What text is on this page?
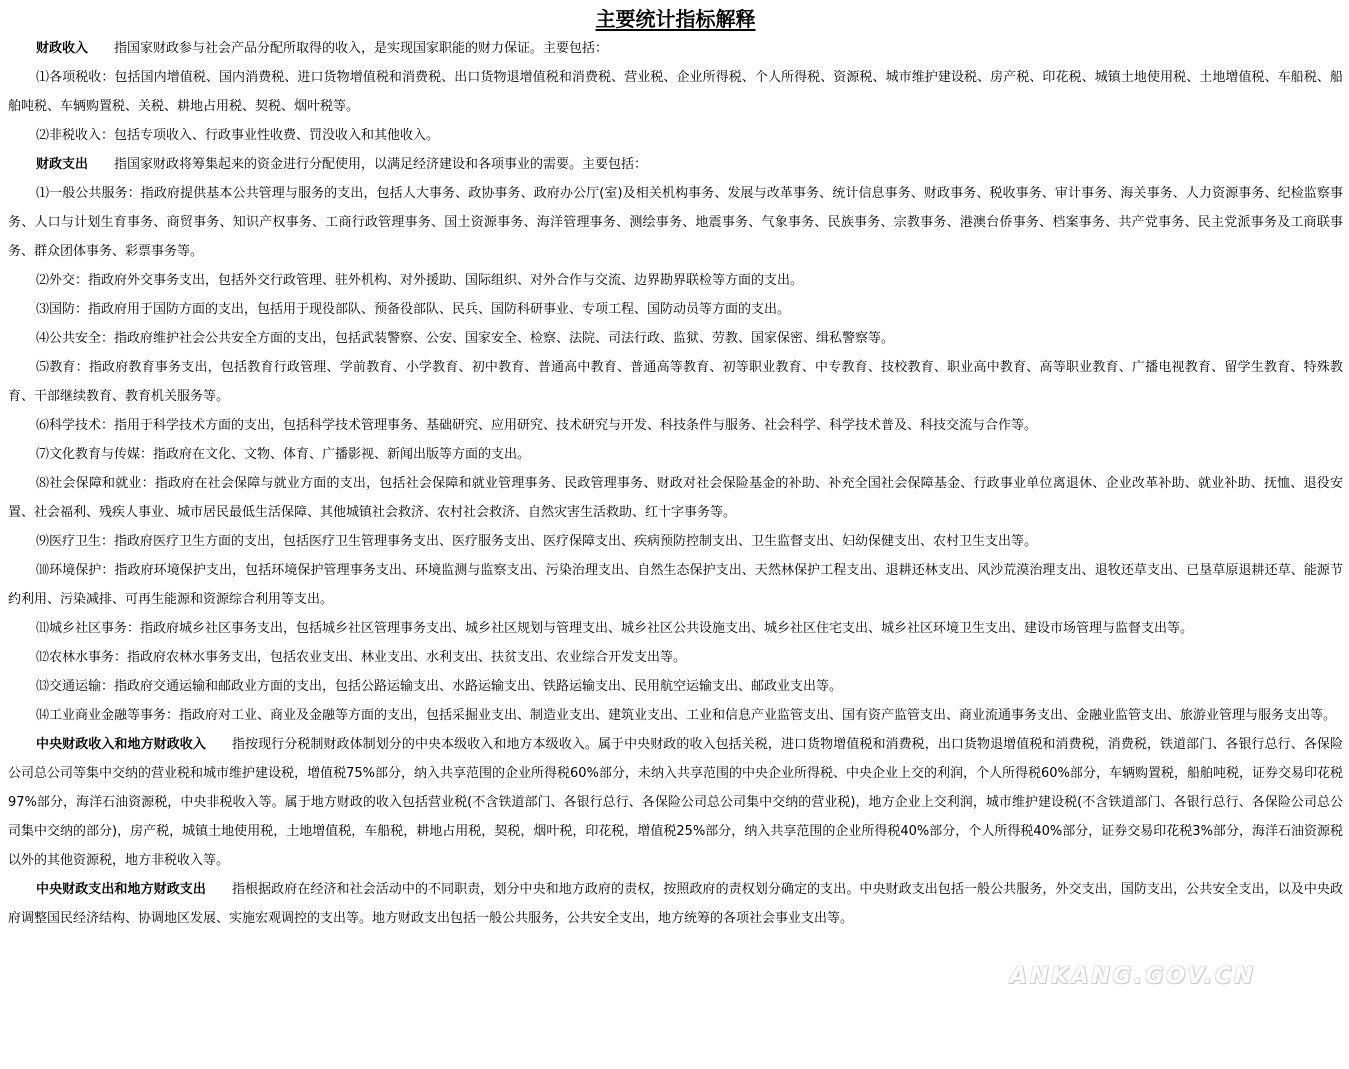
主要统计指标解释

财政收入 指国家财政参与社会产品分配所取得的收入，是实现国家职能的财力保证。主要包括：

⑴各项税收：包括国内增值税、国内消费税、进口货物增值税和消费税、出口货物退增值税和消费税、营业税、企业所得税、个人所得税、资源税、城市维护建设税、房产税、印花税、城镇土地使用税、土地增值税、车船税、船舶吨税、车辆购置税、关税、耕地占用税、契税、烟叶税等。

⑵非税收入：包括专项收入、行政事业性收费、罚没收入和其他收入。

财政支出 指国家财政将筹集起来的资金进行分配使用，以满足经济建设和各项事业的需要。主要包括：

⑴一般公共服务：指政府提供基本公共管理与服务的支出，包括人大事务、政协事务、政府办公厅(室)及相关机构事务、发展与改革事务、统计信息事务、财政事务、税收事务、审计事务、海关事务、人力资源事务、纪检监察事务、人口与计划生育事务、商贸事务、知识产权事务、工商行政管理事务、国土资源事务、海洋管理事务、测绘事务、地震事务、气象事务、民族事务、宗教事务、港澳台侨事务、档案事务、共产党事务、民主党派事务及工商联事务、群众团体事务、彩票事务等。

⑵外交：指政府外交事务支出，包括外交行政管理、驻外机构、对外援助、国际组织、对外合作与交流、边界勘界联检等方面的支出。

⑶国防：指政府用于国防方面的支出，包括用于现役部队、预备役部队、民兵、国防科研事业、专项工程、国防动员等方面的支出。

⑷公共安全：指政府维护社会公共安全方面的支出，包括武装警察、公安、国家安全、检察、法院、司法行政、监狱、劳教、国家保密、缉私警察等。

⑸教育：指政府教育事务支出，包括教育行政管理、学前教育、小学教育、初中教育、普通高中教育、普通高等教育、初等职业教育、中专教育、技校教育、职业高中教育、高等职业教育、广播电视教育、留学生教育、特殊教育、干部继续教育、教育机关服务等。

⑹科学技术：指用于科学技术方面的支出，包括科学技术管理事务、基础研究、应用研究、技术研究与开发、科技条件与服务、社会科学、科学技术普及、科技交流与合作等。

⑺文化教育与传媒：指政府在文化、文物、体育、广播影视、新闻出版等方面的支出。

⑻社会保障和就业：指政府在社会保障与就业方面的支出，包括社会保障和就业管理事务、民政管理事务、财政对社会保险基金的补助、补充全国社会保障基金、行政事业单位离退休、企业改革补助、就业补助、抚恤、退役安置、社会福利、残疾人事业、城市居民最低生活保障、其他城镇社会救济、农村社会救济、自然灾害生活救助、红十字事务等。

⑼医疗卫生：指政府医疗卫生方面的支出，包括医疗卫生管理事务支出、医疗服务支出、医疗保障支出、疾病预防控制支出、卫生监督支出、妇幼保健支出、农村卫生支出等。

⑽环境保护：指政府环境保护支出，包括环境保护管理事务支出、环境监测与监察支出、污染治理支出、自然生态保护支出、天然林保护工程支出、退耕还林支出、风沙荒漠治理支出、退牧还草支出、已垦草原退耕还草、能源节约利用、污染减排、可再生能源和资源综合利用等支出。

⑾城乡社区事务：指政府城乡社区事务支出，包括城乡社区管理事务支出、城乡社区规划与管理支出、城乡社区公共设施支出、城乡社区住宅支出、城乡社区环境卫生支出、建设市场管理与监督支出等。

⑿农林水事务：指政府农林水事务支出，包括农业支出、林业支出、水利支出、扶贫支出、农业综合开发支出等。

⒀交通运输：指政府交通运输和邮政业方面的支出，包括公路运输支出、水路运输支出、铁路运输支出、民用航空运输支出、邮政业支出等。

⒁工业商业金融等事务：指政府对工业、商业及金融等方面的支出，包括采掘业支出、制造业支出、建筑业支出、工业和信息产业监管支出、国有资产监管支出、商业流通事务支出、金融业监管支出、旅游业管理与服务支出等。

中央财政收入和地方财政收入 指按现行分税制财政体制划分的中央本级收入和地方本级收入。属于中央财政的收入包括关税，进口货物增值税和消费税，出口货物退增值税和消费税，消费税，铁道部门、各银行总行、各保险公司总公司等集中交纳的营业税和城市维护建设税，增值税75%部分，纳入共享范围的企业所得税60%部分，未纳入共享范围的中央企业所得税、中央企业上交的利润，个人所得税60%部分，车辆购置税，船舶吨税，证券交易印花税97%部分，海洋石油资源税，中央非税收入等。属于地方财政的收入包括营业税(不含铁道部门、各银行总行、各保险公司总公司集中交纳的营业税)，地方企业上交利润，城市维护建设税(不含铁道部门、各银行总行、各保险公司总公司集中交纳的部分)，房产税，城镇土地使用税，土地增值税，车船税，耕地占用税，契税，烟叶税，印花税，增值税25%部分，纳入共享范围的企业所得税40%部分，个人所得税40%部分，证券交易印花税3%部分，海洋石油资源税以外的其他资源税，地方非税收入等。

中央财政支出和地方财政支出 指根据政府在经济和社会活动中的不同职责，划分中央和地方政府的责权，按照政府的责权划分确定的支出。中央财政支出包括一般公共服务，外交支出，国防支出，公共安全支出，以及中央政府调整国民经济结构、协调地区发展、实施宏观调控的支出等。地方财政支出包括一般公共服务，公共安全支出，地方统筹的各项社会事业支出等。

ANKANG.GOV.CN
